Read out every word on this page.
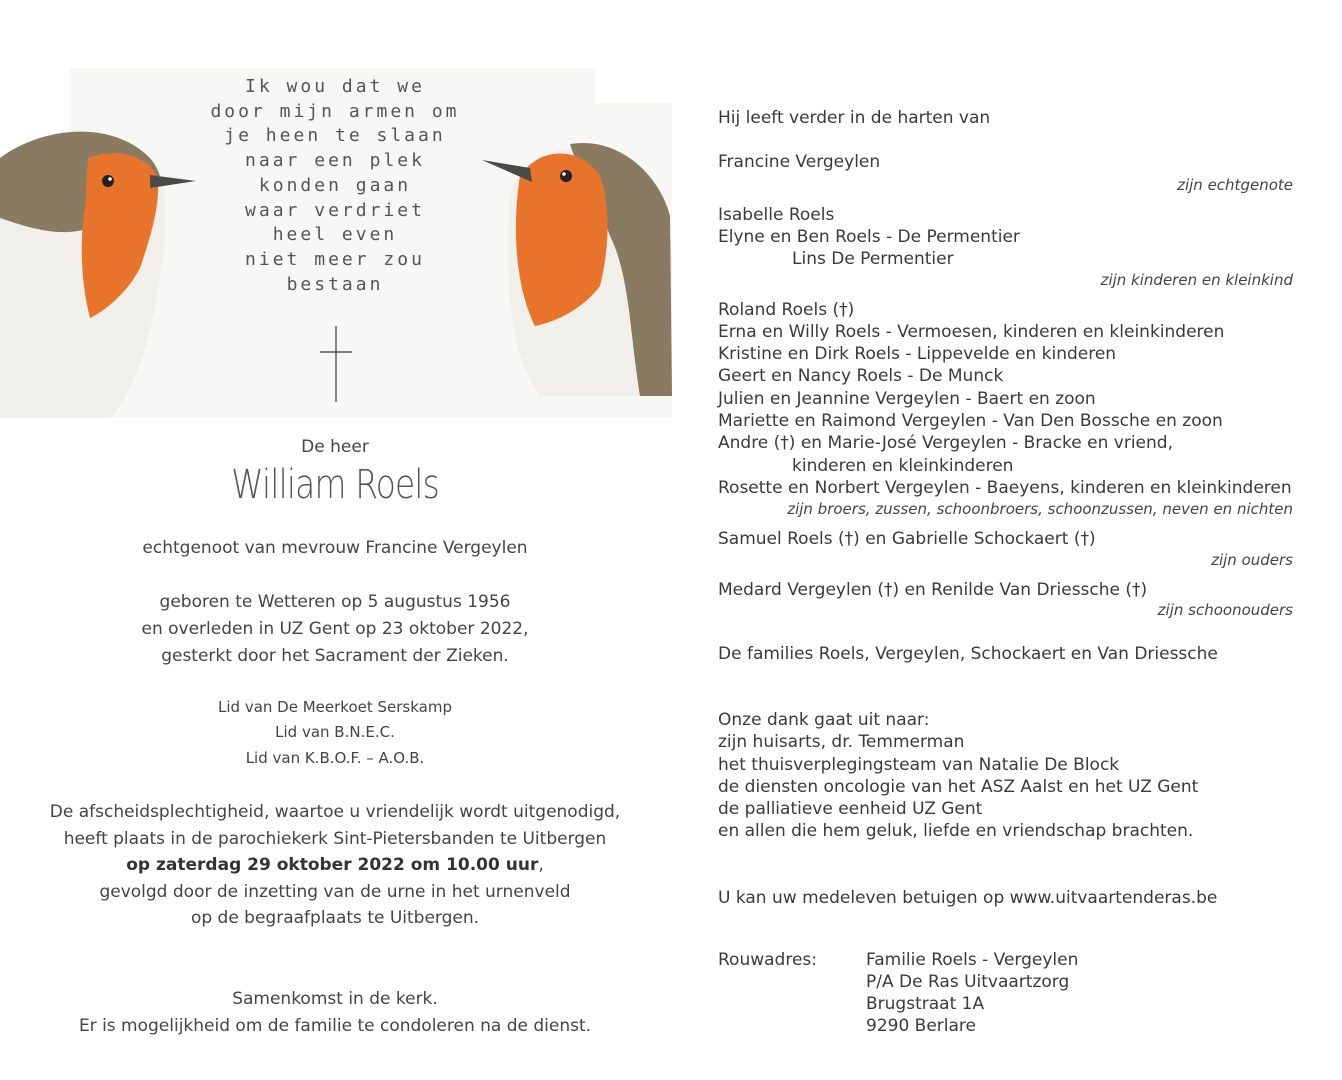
Ik wou dat we
door mijn armen om
je heen te slaan
naar een plek
konden gaan
waar verdriet
heel even
niet meer zou
bestaan
De heer
William Roels
echtgenoot van mevrouw Francine Vergeylen
geboren te Wetteren op 5 augustus 1956
en overleden in UZ Gent op 23 oktober 2022,
gesterkt door het Sacrament der Zieken.
Lid van De Meerkoet Serskamp
Lid van B.N.E.C.
Lid van K.B.O.F. – A.O.B.
De afscheidsplechtigheid, waartoe u vriendelijk wordt uitgenodigd,
heeft plaats in de parochiekerk Sint-Pietersbanden te Uitbergen
op zaterdag 29 oktober 2022 om 10.00 uur,
gevolgd door de inzetting van de urne in het urnenveld
op de begraafplaats te Uitbergen.
Samenkomst in de kerk.
Er is mogelijkheid om de familie te condoleren na de dienst.
Hij leeft verder in de harten van
Francine Vergeylen
zijn echtgenote
Isabelle Roels
Elyne en Ben Roels - De Permentier
Lins De Permentier
zijn kinderen en kleinkind
Roland Roels (†)
Erna en Willy Roels - Vermoesen, kinderen en kleinkinderen
Kristine en Dirk Roels - Lippevelde en kinderen
Geert en Nancy Roels - De Munck
Julien en Jeannine Vergeylen - Baert en zoon
Mariette en Raimond Vergeylen - Van Den Bossche en zoon
Andre (†) en Marie-José Vergeylen - Bracke en vriend,
kinderen en kleinkinderen
Rosette en Norbert Vergeylen - Baeyens, kinderen en kleinkinderen
zijn broers, zussen, schoonbroers, schoonzussen, neven en nichten
Samuel Roels (†) en Gabrielle Schockaert (†)
zijn ouders
Medard Vergeylen (†) en Renilde Van Driessche (†)
zijn schoonouders
De families Roels, Vergeylen, Schockaert en Van Driessche
Onze dank gaat uit naar:
zijn huisarts, dr. Temmerman
het thuisverplegingsteam van Natalie De Block
de diensten oncologie van het ASZ Aalst en het UZ Gent
de palliatieve eenheid UZ Gent
en allen die hem geluk, liefde en vriendschap brachten.
U kan uw medeleven betuigen op www.uitvaartenderas.be
Rouwadres:	Familie Roels - Vergeylen
P/A De Ras Uitvaartzorg
Brugstraat 1A
9290 Berlare
